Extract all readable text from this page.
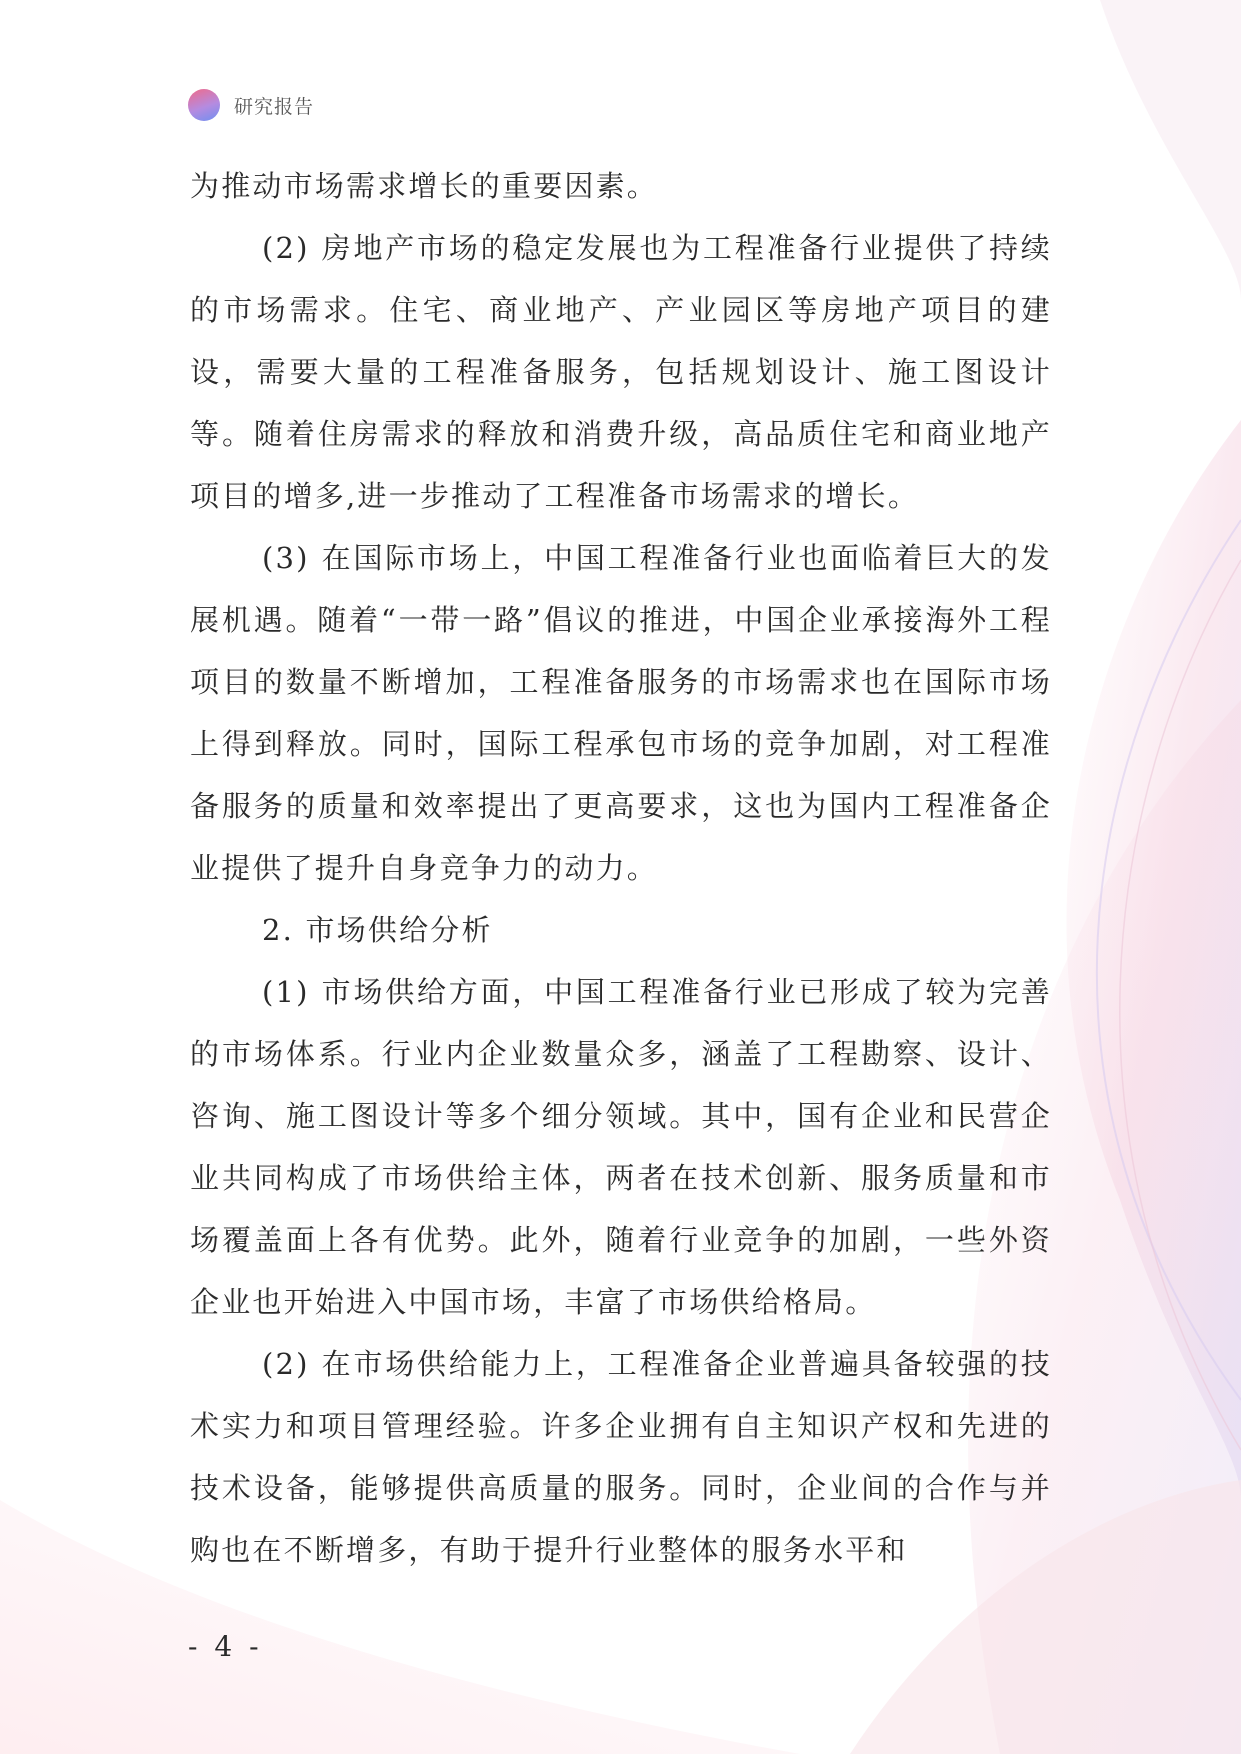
研究报告

为推动市场需求增长的重要因素。

(2) 房地产市场的稳定发展也为工程准备行业提供了持续的市场需求。住宅、商业地产、产业园区等房地产项目的建设，需要大量的工程准备服务，包括规划设计、施工图设计等。随着住房需求的释放和消费升级，高品质住宅和商业地产项目的增多,进一步推动了工程准备市场需求的增长。

(3) 在国际市场上，中国工程准备行业也面临着巨大的发展机遇。随着“一带一路”倡议的推进，中国企业承接海外工程项目的数量不断增加，工程准备服务的市场需求也在国际市场上得到释放。同时，国际工程承包市场的竞争加剧，对工程准备服务的质量和效率提出了更高要求，这也为国内工程准备企业提供了提升自身竞争力的动力。

2. 市场供给分析

(1) 市场供给方面，中国工程准备行业已形成了较为完善的市场体系。行业内企业数量众多，涵盖了工程勘察、设计、咨询、施工图设计等多个细分领域。其中，国有企业和民营企业共同构成了市场供给主体，两者在技术创新、服务质量和市场覆盖面上各有优势。此外，随着行业竞争的加剧，一些外资企业也开始进入中国市场，丰富了市场供给格局。

(2) 在市场供给能力上，工程准备企业普遍具备较强的技术实力和项目管理经验。许多企业拥有自主知识产权和先进的技术设备，能够提供高质量的服务。同时，企业间的合作与并购也在不断增多，有助于提升行业整体的服务水平和

- 4 -
